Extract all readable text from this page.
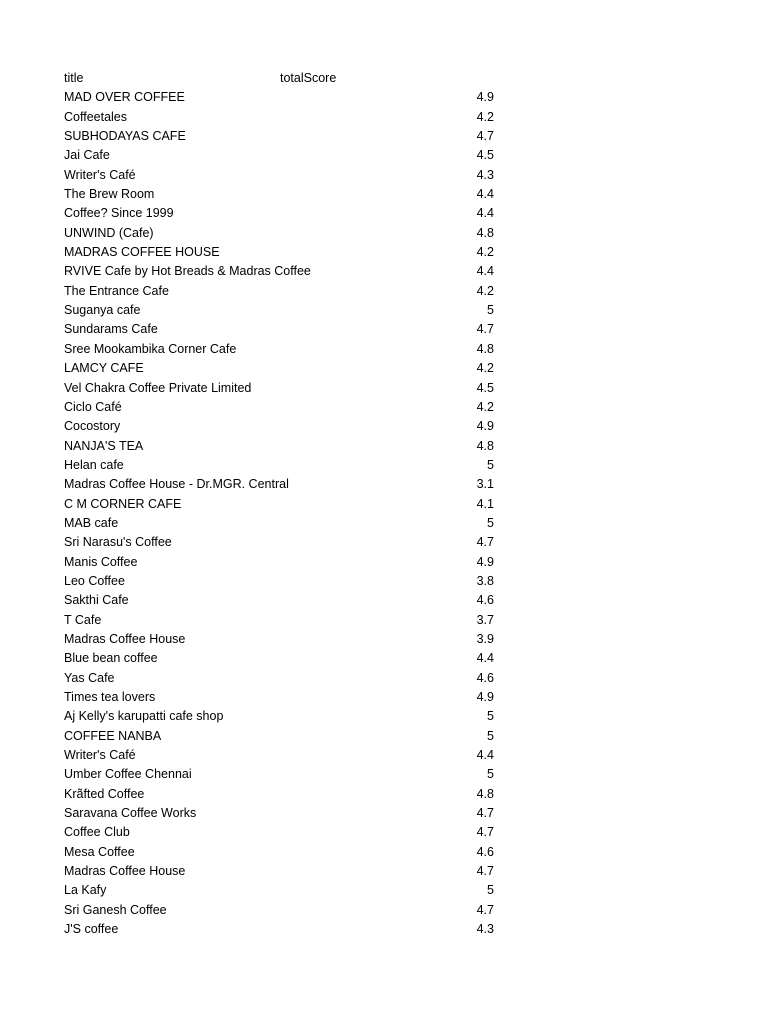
title	totalScore
MAD OVER COFFEE	4.9
Coffeetales	4.2
SUBHODAYAS CAFE	4.7
Jai Cafe	4.5
Writer's Café	4.3
The Brew Room	4.4
Coffee? Since 1999	4.4
UNWIND (Cafe)	4.8
MADRAS COFFEE HOUSE	4.2
RVIVE Cafe by Hot Breads & Madras Coffee	4.4
The Entrance Cafe	4.2
Suganya cafe	5
Sundarams Cafe	4.7
Sree Mookambika Corner Cafe	4.8
LAMCY CAFE	4.2
Vel Chakra Coffee Private Limited	4.5
Ciclo Café	4.2
Cocostory	4.9
NANJA'S TEA	4.8
Helan cafe	5
Madras Coffee House - Dr.MGR. Central	3.1
C M CORNER CAFE	4.1
MAB cafe	5
Sri Narasu's Coffee	4.7
Manis Coffee	4.9
Leo Coffee	3.8
Sakthi Cafe	4.6
T Cafe	3.7
Madras Coffee House	3.9
Blue bean coffee	4.4
Yas Cafe	4.6
Times tea lovers	4.9
Aj Kelly's karupatti cafe shop	5
COFFEE NANBA	5
Writer's Café	4.4
Umber Coffee Chennai	5
Krãfted Coffee	4.8
Saravana Coffee Works	4.7
Coffee Club	4.7
Mesa Coffee	4.6
Madras Coffee House	4.7
La Kafy	5
Sri Ganesh Coffee	4.7
J'S coffee	4.3
